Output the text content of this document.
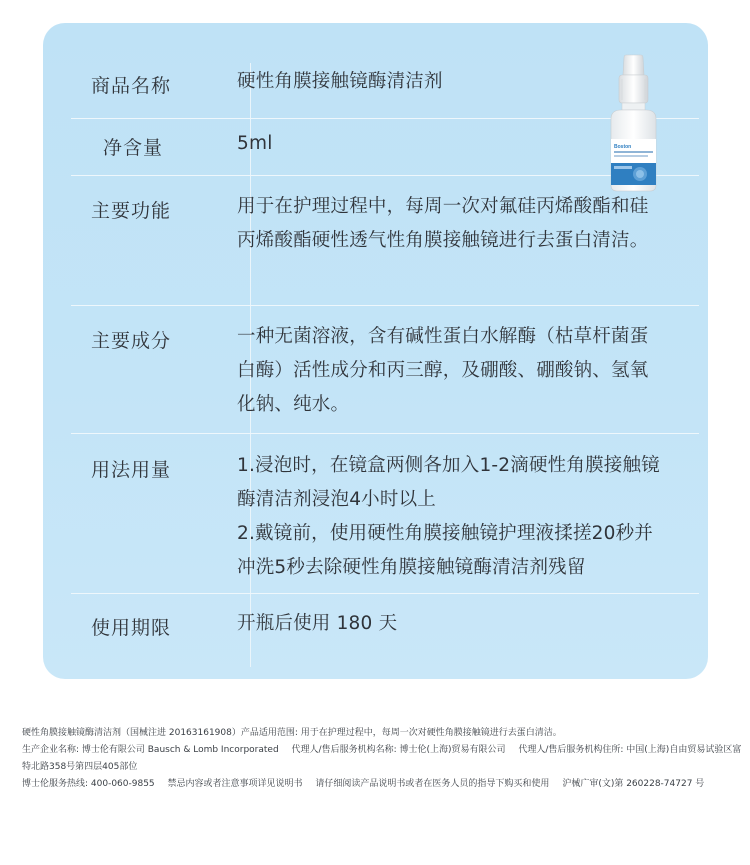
商品名称	硬性角膜接触镜酶清洁剂
净含量	5ml
主要功能	用于在护理过程中，每周一次对氟硅丙烯酸酯和硅丙烯酸酯硬性透气性角膜接触镜进行去蛋白清洁。
主要成分	一种无菌溶液，含有碱性蛋白水解酶（枯草杆菌蛋白酶）活性成分和丙三醇，及硼酸、硼酸钠、氢氧化钠、纯水。
用法用量	1.浸泡时，在镜盒两侧各加入1-2滴硬性角膜接触镜酶清洁剂浸泡4小时以上
2.戴镜前，使用硬性角膜接触镜护理液揉搓20秒并冲洗5秒去除硬性角膜接触镜酶清洁剂残留
使用期限	开瓶后使用 180 天
Boston

硬性角膜接触镜酶清洁剂（国械注进 20163161908）产品适用范围: 用于在护理过程中，每周一次对硬性角膜接触镜进行去蛋白清洁。

生产企业名称: 博士伦有限公司 Bausch & Lomb Incorporated 代理人/售后服务机构名称: 博士伦(上海)贸易有限公司 代理人/售后服务机构住所: 中国(上海)自由贸易试验区富特北路358号第四层405部位

博士伦服务热线: 400-060-9855 禁忌内容或者注意事项详见说明书 请仔细阅读产品说明书或者在医务人员的指导下购买和使用 沪械广审(文)第 260228-74727 号
